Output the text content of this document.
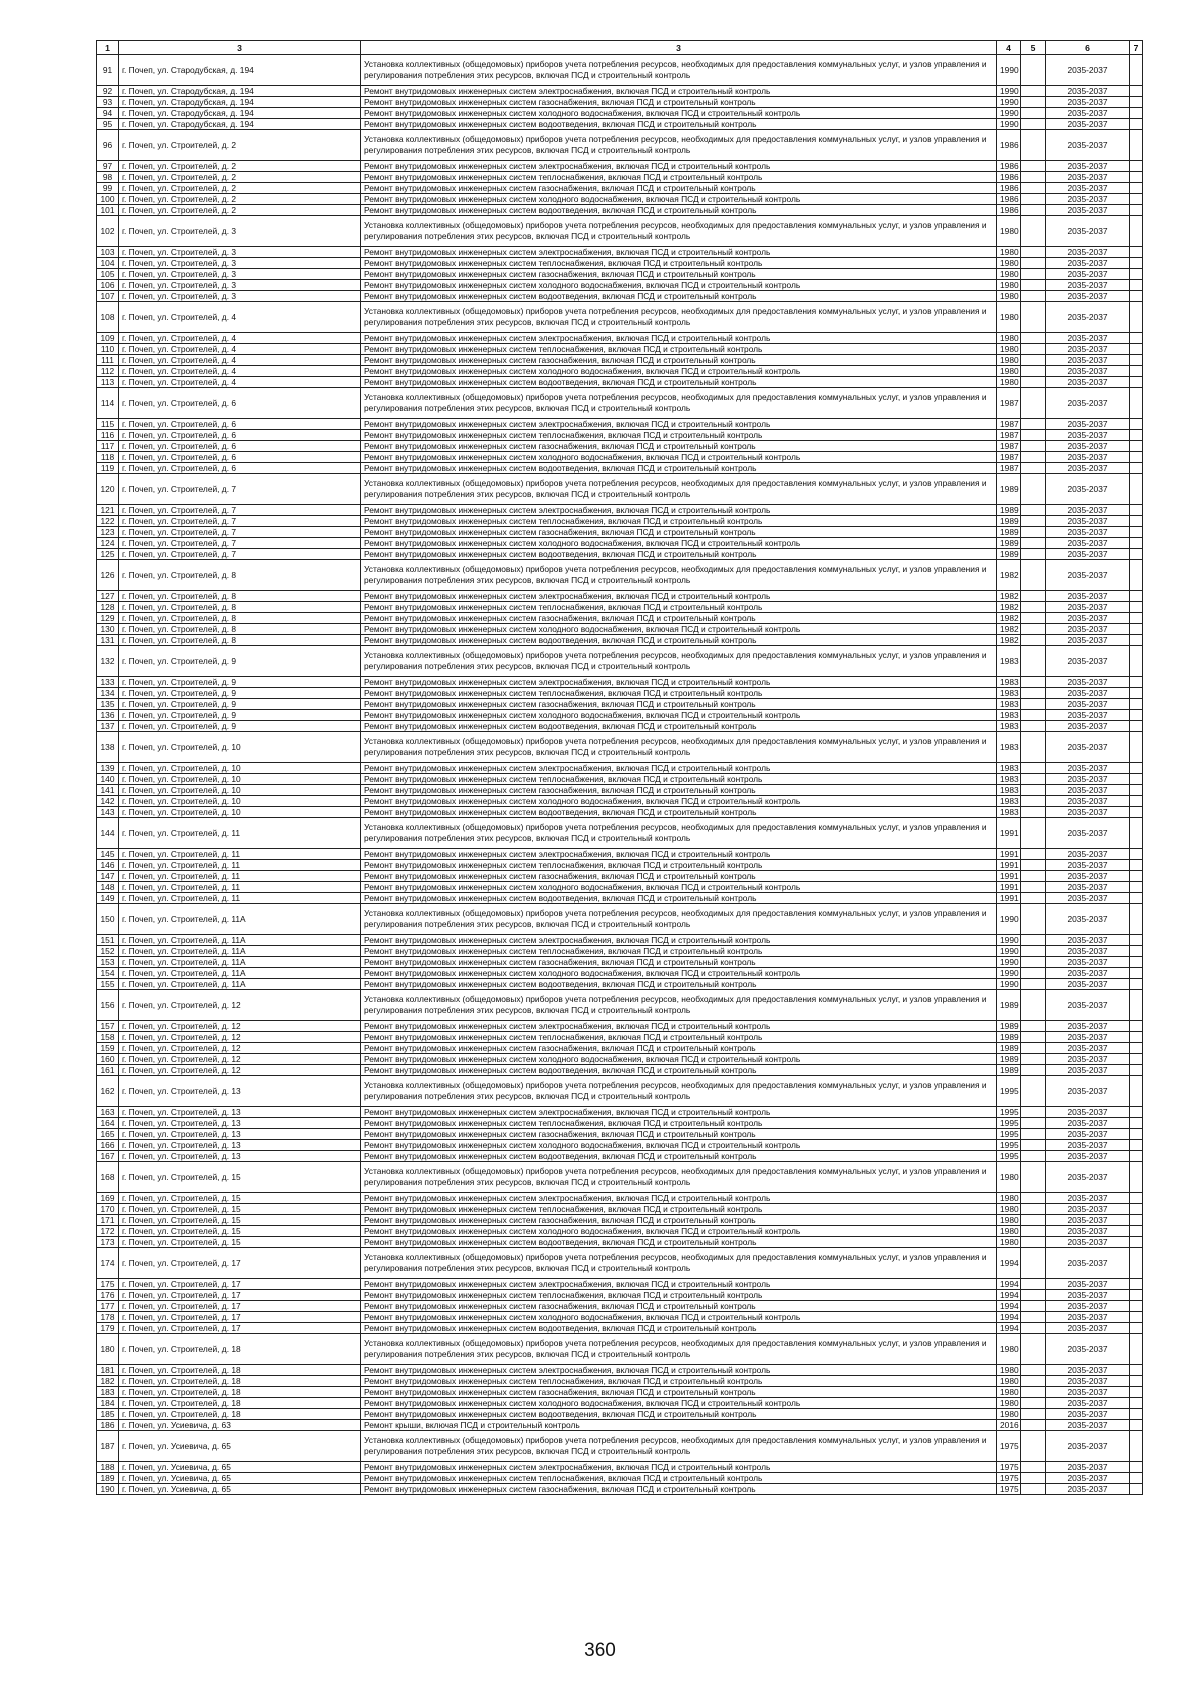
1	3	3	4	5	6	7
91	г. Почеп, ул. Стародубская, д. 194	Установка коллективных (общедомовых) приборов учета потребления ресурсов, необходимых для предоставления коммунальных услуг, и узлов управления и регулирования потребления этих ресурсов, включая ПСД и строительный контроль	1990		2035-2037	
92	г. Почеп, ул. Стародубская, д. 194	Ремонт внутридомовых инженерных систем электроснабжения, включая ПСД и строительный контроль	1990		2035-2037	
93	г. Почеп, ул. Стародубская, д. 194	Ремонт внутридомовых инженерных систем газоснабжения, включая ПСД и строительный контроль	1990		2035-2037	
94	г. Почеп, ул. Стародубская, д. 194	Ремонт внутридомовых инженерных систем холодного водоснабжения, включая ПСД и строительный контроль	1990		2035-2037	
95	г. Почеп, ул. Стародубская, д. 194	Ремонт внутридомовых инженерных систем водоотведения, включая ПСД и строительный контроль	1990		2035-2037	
96	г. Почеп, ул. Строителей, д. 2	Установка коллективных (общедомовых) приборов учета потребления ресурсов, необходимых для предоставления коммунальных услуг, и узлов управления и регулирования потребления этих ресурсов, включая ПСД и строительный контроль	1986		2035-2037	
97	г. Почеп, ул. Строителей, д. 2	Ремонт внутридомовых инженерных систем электроснабжения, включая ПСД и строительный контроль	1986		2035-2037	
98	г. Почеп, ул. Строителей, д. 2	Ремонт внутридомовых инженерных систем теплоснабжения, включая ПСД и строительный контроль	1986		2035-2037	
99	г. Почеп, ул. Строителей, д. 2	Ремонт внутридомовых инженерных систем газоснабжения, включая ПСД и строительный контроль	1986		2035-2037	
100	г. Почеп, ул. Строителей, д. 2	Ремонт внутридомовых инженерных систем холодного водоснабжения, включая ПСД и строительный контроль	1986		2035-2037	
101	г. Почеп, ул. Строителей, д. 2	Ремонт внутридомовых инженерных систем водоотведения, включая ПСД и строительный контроль	1986		2035-2037	
102	г. Почеп, ул. Строителей, д. 3	Установка коллективных (общедомовых) приборов учета потребления ресурсов, необходимых для предоставления коммунальных услуг, и узлов управления и регулирования потребления этих ресурсов, включая ПСД и строительный контроль	1980		2035-2037	
103	г. Почеп, ул. Строителей, д. 3	Ремонт внутридомовых инженерных систем электроснабжения, включая ПСД и строительный контроль	1980		2035-2037	
104	г. Почеп, ул. Строителей, д. 3	Ремонт внутридомовых инженерных систем теплоснабжения, включая ПСД и строительный контроль	1980		2035-2037	
105	г. Почеп, ул. Строителей, д. 3	Ремонт внутридомовых инженерных систем газоснабжения, включая ПСД и строительный контроль	1980		2035-2037	
106	г. Почеп, ул. Строителей, д. 3	Ремонт внутридомовых инженерных систем холодного водоснабжения, включая ПСД и строительный контроль	1980		2035-2037	
107	г. Почеп, ул. Строителей, д. 3	Ремонт внутридомовых инженерных систем водоотведения, включая ПСД и строительный контроль	1980		2035-2037	
108	г. Почеп, ул. Строителей, д. 4	Установка коллективных (общедомовых) приборов учета потребления ресурсов, необходимых для предоставления коммунальных услуг, и узлов управления и регулирования потребления этих ресурсов, включая ПСД и строительный контроль	1980		2035-2037	
109	г. Почеп, ул. Строителей, д. 4	Ремонт внутридомовых инженерных систем электроснабжения, включая ПСД и строительный контроль	1980		2035-2037	
110	г. Почеп, ул. Строителей, д. 4	Ремонт внутридомовых инженерных систем теплоснабжения, включая ПСД и строительный контроль	1980		2035-2037	
111	г. Почеп, ул. Строителей, д. 4	Ремонт внутридомовых инженерных систем газоснабжения, включая ПСД и строительный контроль	1980		2035-2037	
112	г. Почеп, ул. Строителей, д. 4	Ремонт внутридомовых инженерных систем холодного водоснабжения, включая ПСД и строительный контроль	1980		2035-2037	
113	г. Почеп, ул. Строителей, д. 4	Ремонт внутридомовых инженерных систем водоотведения, включая ПСД и строительный контроль	1980		2035-2037	
114	г. Почеп, ул. Строителей, д. 6	Установка коллективных (общедомовых) приборов учета потребления ресурсов, необходимых для предоставления коммунальных услуг, и узлов управления и регулирования потребления этих ресурсов, включая ПСД и строительный контроль	1987		2035-2037	
115	г. Почеп, ул. Строителей, д. 6	Ремонт внутридомовых инженерных систем электроснабжения, включая ПСД и строительный контроль	1987		2035-2037	
116	г. Почеп, ул. Строителей, д. 6	Ремонт внутридомовых инженерных систем теплоснабжения, включая ПСД и строительный контроль	1987		2035-2037	
117	г. Почеп, ул. Строителей, д. 6	Ремонт внутридомовых инженерных систем газоснабжения, включая ПСД и строительный контроль	1987		2035-2037	
118	г. Почеп, ул. Строителей, д. 6	Ремонт внутридомовых инженерных систем холодного водоснабжения, включая ПСД и строительный контроль	1987		2035-2037	
119	г. Почеп, ул. Строителей, д. 6	Ремонт внутридомовых инженерных систем водоотведения, включая ПСД и строительный контроль	1987		2035-2037	
120	г. Почеп, ул. Строителей, д. 7	Установка коллективных (общедомовых) приборов учета потребления ресурсов, необходимых для предоставления коммунальных услуг, и узлов управления и регулирования потребления этих ресурсов, включая ПСД и строительный контроль	1989		2035-2037	
121	г. Почеп, ул. Строителей, д. 7	Ремонт внутридомовых инженерных систем электроснабжения, включая ПСД и строительный контроль	1989		2035-2037	
122	г. Почеп, ул. Строителей, д. 7	Ремонт внутридомовых инженерных систем теплоснабжения, включая ПСД и строительный контроль	1989		2035-2037	
123	г. Почеп, ул. Строителей, д. 7	Ремонт внутридомовых инженерных систем газоснабжения, включая ПСД и строительный контроль	1989		2035-2037	
124	г. Почеп, ул. Строителей, д. 7	Ремонт внутридомовых инженерных систем холодного водоснабжения, включая ПСД и строительный контроль	1989		2035-2037	
125	г. Почеп, ул. Строителей, д. 7	Ремонт внутридомовых инженерных систем водоотведения, включая ПСД и строительный контроль	1989		2035-2037	
126	г. Почеп, ул. Строителей, д. 8	Установка коллективных (общедомовых) приборов учета потребления ресурсов, необходимых для предоставления коммунальных услуг, и узлов управления и регулирования потребления этих ресурсов, включая ПСД и строительный контроль	1982		2035-2037	
127	г. Почеп, ул. Строителей, д. 8	Ремонт внутридомовых инженерных систем электроснабжения, включая ПСД и строительный контроль	1982		2035-2037	
128	г. Почеп, ул. Строителей, д. 8	Ремонт внутридомовых инженерных систем теплоснабжения, включая ПСД и строительный контроль	1982		2035-2037	
129	г. Почеп, ул. Строителей, д. 8	Ремонт внутридомовых инженерных систем газоснабжения, включая ПСД и строительный контроль	1982		2035-2037	
130	г. Почеп, ул. Строителей, д. 8	Ремонт внутридомовых инженерных систем холодного водоснабжения, включая ПСД и строительный контроль	1982		2035-2037	
131	г. Почеп, ул. Строителей, д. 8	Ремонт внутридомовых инженерных систем водоотведения, включая ПСД и строительный контроль	1982		2035-2037	
132	г. Почеп, ул. Строителей, д. 9	Установка коллективных (общедомовых) приборов учета потребления ресурсов, необходимых для предоставления коммунальных услуг, и узлов управления и регулирования потребления этих ресурсов, включая ПСД и строительный контроль	1983		2035-2037	
133	г. Почеп, ул. Строителей, д. 9	Ремонт внутридомовых инженерных систем электроснабжения, включая ПСД и строительный контроль	1983		2035-2037	
134	г. Почеп, ул. Строителей, д. 9	Ремонт внутридомовых инженерных систем теплоснабжения, включая ПСД и строительный контроль	1983		2035-2037	
135	г. Почеп, ул. Строителей, д. 9	Ремонт внутридомовых инженерных систем газоснабжения, включая ПСД и строительный контроль	1983		2035-2037	
136	г. Почеп, ул. Строителей, д. 9	Ремонт внутридомовых инженерных систем холодного водоснабжения, включая ПСД и строительный контроль	1983		2035-2037	
137	г. Почеп, ул. Строителей, д. 9	Ремонт внутридомовых инженерных систем водоотведения, включая ПСД и строительный контроль	1983		2035-2037	
138	г. Почеп, ул. Строителей, д. 10	Установка коллективных (общедомовых) приборов учета потребления ресурсов, необходимых для предоставления коммунальных услуг, и узлов управления и регулирования потребления этих ресурсов, включая ПСД и строительный контроль	1983		2035-2037	
139	г. Почеп, ул. Строителей, д. 10	Ремонт внутридомовых инженерных систем электроснабжения, включая ПСД и строительный контроль	1983		2035-2037	
140	г. Почеп, ул. Строителей, д. 10	Ремонт внутридомовых инженерных систем теплоснабжения, включая ПСД и строительный контроль	1983		2035-2037	
141	г. Почеп, ул. Строителей, д. 10	Ремонт внутридомовых инженерных систем газоснабжения, включая ПСД и строительный контроль	1983		2035-2037	
142	г. Почеп, ул. Строителей, д. 10	Ремонт внутридомовых инженерных систем холодного водоснабжения, включая ПСД и строительный контроль	1983		2035-2037	
143	г. Почеп, ул. Строителей, д. 10	Ремонт внутридомовых инженерных систем водоотведения, включая ПСД и строительный контроль	1983		2035-2037	
144	г. Почеп, ул. Строителей, д. 11	Установка коллективных (общедомовых) приборов учета потребления ресурсов, необходимых для предоставления коммунальных услуг, и узлов управления и регулирования потребления этих ресурсов, включая ПСД и строительный контроль	1991		2035-2037	
145	г. Почеп, ул. Строителей, д. 11	Ремонт внутридомовых инженерных систем электроснабжения, включая ПСД и строительный контроль	1991		2035-2037	
146	г. Почеп, ул. Строителей, д. 11	Ремонт внутридомовых инженерных систем теплоснабжения, включая ПСД и строительный контроль	1991		2035-2037	
147	г. Почеп, ул. Строителей, д. 11	Ремонт внутридомовых инженерных систем газоснабжения, включая ПСД и строительный контроль	1991		2035-2037	
148	г. Почеп, ул. Строителей, д. 11	Ремонт внутридомовых инженерных систем холодного водоснабжения, включая ПСД и строительный контроль	1991		2035-2037	
149	г. Почеп, ул. Строителей, д. 11	Ремонт внутридомовых инженерных систем водоотведения, включая ПСД и строительный контроль	1991		2035-2037	
150	г. Почеп, ул. Строителей, д. 11А	Установка коллективных (общедомовых) приборов учета потребления ресурсов, необходимых для предоставления коммунальных услуг, и узлов управления и регулирования потребления этих ресурсов, включая ПСД и строительный контроль	1990		2035-2037	
151	г. Почеп, ул. Строителей, д. 11А	Ремонт внутридомовых инженерных систем электроснабжения, включая ПСД и строительный контроль	1990		2035-2037	
152	г. Почеп, ул. Строителей, д. 11А	Ремонт внутридомовых инженерных систем теплоснабжения, включая ПСД и строительный контроль	1990		2035-2037	
153	г. Почеп, ул. Строителей, д. 11А	Ремонт внутридомовых инженерных систем газоснабжения, включая ПСД и строительный контроль	1990		2035-2037	
154	г. Почеп, ул. Строителей, д. 11А	Ремонт внутридомовых инженерных систем холодного водоснабжения, включая ПСД и строительный контроль	1990		2035-2037	
155	г. Почеп, ул. Строителей, д. 11А	Ремонт внутридомовых инженерных систем водоотведения, включая ПСД и строительный контроль	1990		2035-2037	
156	г. Почеп, ул. Строителей, д. 12	Установка коллективных (общедомовых) приборов учета потребления ресурсов, необходимых для предоставления коммунальных услуг, и узлов управления и регулирования потребления этих ресурсов, включая ПСД и строительный контроль	1989		2035-2037	
157	г. Почеп, ул. Строителей, д. 12	Ремонт внутридомовых инженерных систем электроснабжения, включая ПСД и строительный контроль	1989		2035-2037	
158	г. Почеп, ул. Строителей, д. 12	Ремонт внутридомовых инженерных систем теплоснабжения, включая ПСД и строительный контроль	1989		2035-2037	
159	г. Почеп, ул. Строителей, д. 12	Ремонт внутридомовых инженерных систем газоснабжения, включая ПСД и строительный контроль	1989		2035-2037	
160	г. Почеп, ул. Строителей, д. 12	Ремонт внутридомовых инженерных систем холодного водоснабжения, включая ПСД и строительный контроль	1989		2035-2037	
161	г. Почеп, ул. Строителей, д. 12	Ремонт внутридомовых инженерных систем водоотведения, включая ПСД и строительный контроль	1989		2035-2037	
162	г. Почеп, ул. Строителей, д. 13	Установка коллективных (общедомовых) приборов учета потребления ресурсов, необходимых для предоставления коммунальных услуг, и узлов управления и регулирования потребления этих ресурсов, включая ПСД и строительный контроль	1995		2035-2037	
163	г. Почеп, ул. Строителей, д. 13	Ремонт внутридомовых инженерных систем электроснабжения, включая ПСД и строительный контроль	1995		2035-2037	
164	г. Почеп, ул. Строителей, д. 13	Ремонт внутридомовых инженерных систем теплоснабжения, включая ПСД и строительный контроль	1995		2035-2037	
165	г. Почеп, ул. Строителей, д. 13	Ремонт внутридомовых инженерных систем газоснабжения, включая ПСД и строительный контроль	1995		2035-2037	
166	г. Почеп, ул. Строителей, д. 13	Ремонт внутридомовых инженерных систем холодного водоснабжения, включая ПСД и строительный контроль	1995		2035-2037	
167	г. Почеп, ул. Строителей, д. 13	Ремонт внутридомовых инженерных систем водоотведения, включая ПСД и строительный контроль	1995		2035-2037	
168	г. Почеп, ул. Строителей, д. 15	Установка коллективных (общедомовых) приборов учета потребления ресурсов, необходимых для предоставления коммунальных услуг, и узлов управления и регулирования потребления этих ресурсов, включая ПСД и строительный контроль	1980		2035-2037	
169	г. Почеп, ул. Строителей, д. 15	Ремонт внутридомовых инженерных систем электроснабжения, включая ПСД и строительный контроль	1980		2035-2037	
170	г. Почеп, ул. Строителей, д. 15	Ремонт внутридомовых инженерных систем теплоснабжения, включая ПСД и строительный контроль	1980		2035-2037	
171	г. Почеп, ул. Строителей, д. 15	Ремонт внутридомовых инженерных систем газоснабжения, включая ПСД и строительный контроль	1980		2035-2037	
172	г. Почеп, ул. Строителей, д. 15	Ремонт внутридомовых инженерных систем холодного водоснабжения, включая ПСД и строительный контроль	1980		2035-2037	
173	г. Почеп, ул. Строителей, д. 15	Ремонт внутридомовых инженерных систем водоотведения, включая ПСД и строительный контроль	1980		2035-2037	
174	г. Почеп, ул. Строителей, д. 17	Установка коллективных (общедомовых) приборов учета потребления ресурсов, необходимых для предоставления коммунальных услуг, и узлов управления и регулирования потребления этих ресурсов, включая ПСД и строительный контроль	1994		2035-2037	
175	г. Почеп, ул. Строителей, д. 17	Ремонт внутридомовых инженерных систем электроснабжения, включая ПСД и строительный контроль	1994		2035-2037	
176	г. Почеп, ул. Строителей, д. 17	Ремонт внутридомовых инженерных систем теплоснабжения, включая ПСД и строительный контроль	1994		2035-2037	
177	г. Почеп, ул. Строителей, д. 17	Ремонт внутридомовых инженерных систем газоснабжения, включая ПСД и строительный контроль	1994		2035-2037	
178	г. Почеп, ул. Строителей, д. 17	Ремонт внутридомовых инженерных систем холодного водоснабжения, включая ПСД и строительный контроль	1994		2035-2037	
179	г. Почеп, ул. Строителей, д. 17	Ремонт внутридомовых инженерных систем водоотведения, включая ПСД и строительный контроль	1994		2035-2037	
180	г. Почеп, ул. Строителей, д. 18	Установка коллективных (общедомовых) приборов учета потребления ресурсов, необходимых для предоставления коммунальных услуг, и узлов управления и регулирования потребления этих ресурсов, включая ПСД и строительный контроль	1980		2035-2037	
181	г. Почеп, ул. Строителей, д. 18	Ремонт внутридомовых инженерных систем электроснабжения, включая ПСД и строительный контроль	1980		2035-2037	
182	г. Почеп, ул. Строителей, д. 18	Ремонт внутридомовых инженерных систем теплоснабжения, включая ПСД и строительный контроль	1980		2035-2037	
183	г. Почеп, ул. Строителей, д. 18	Ремонт внутридомовых инженерных систем газоснабжения, включая ПСД и строительный контроль	1980		2035-2037	
184	г. Почеп, ул. Строителей, д. 18	Ремонт внутридомовых инженерных систем холодного водоснабжения, включая ПСД и строительный контроль	1980		2035-2037	
185	г. Почеп, ул. Строителей, д. 18	Ремонт внутридомовых инженерных систем водоотведения, включая ПСД и строительный контроль	1980		2035-2037	
186	г. Почеп, ул. Усиевича, д. 63	Ремонт крыши, включая ПСД и строительный контроль	2016		2035-2037	
187	г. Почеп, ул. Усиевича, д. 65	Установка коллективных (общедомовых) приборов учета потребления ресурсов, необходимых для предоставления коммунальных услуг, и узлов управления и регулирования потребления этих ресурсов, включая ПСД и строительный контроль	1975		2035-2037	
188	г. Почеп, ул. Усиевича, д. 65	Ремонт внутридомовых инженерных систем электроснабжения, включая ПСД и строительный контроль	1975		2035-2037	
189	г. Почеп, ул. Усиевича, д. 65	Ремонт внутридомовых инженерных систем теплоснабжения, включая ПСД и строительный контроль	1975		2035-2037	
190	г. Почеп, ул. Усиевича, д. 65	Ремонт внутридомовых инженерных систем газоснабжения, включая ПСД и строительный контроль	1975		2035-2037	
360
